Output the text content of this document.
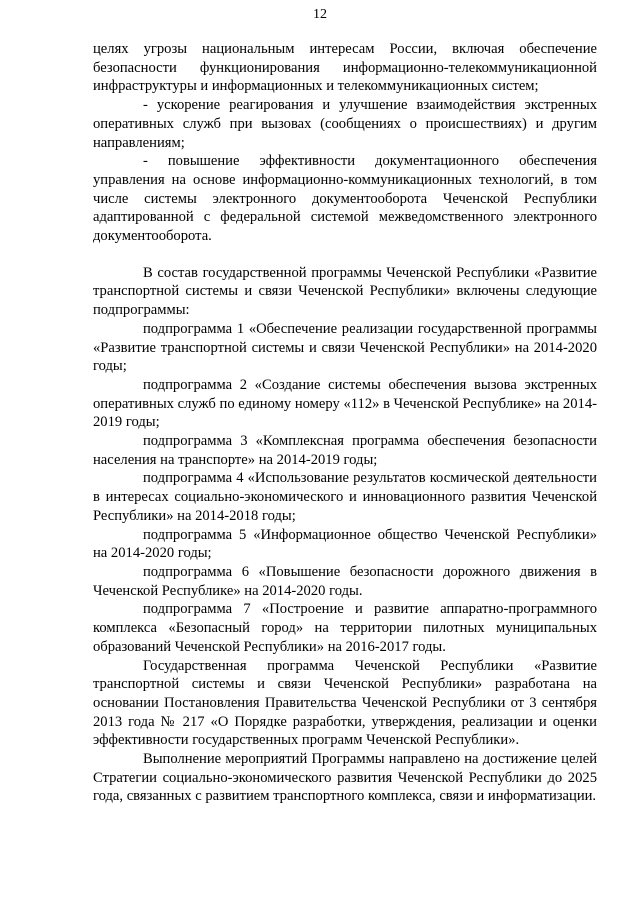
12

целях угрозы национальным интересам России, включая обеспечение безопасности функционирования информационно-телекоммуникационной инфраструктуры и информационных и телекоммуникационных систем;

- ускорение реагирования и улучшение взаимодействия экстренных оперативных служб при вызовах (сообщениях о происшествиях) и другим направлениям;

- повышение эффективности документационного обеспечения управления на основе информационно-коммуникационных технологий, в том числе системы электронного документооборота Чеченской Республики адаптированной с федеральной системой межведомственного электронного документооборота.

В состав государственной программы Чеченской Республики «Развитие транспортной системы и связи Чеченской Республики» включены следующие подпрограммы:

подпрограмма 1 «Обеспечение реализации государственной программы «Развитие транспортной системы и связи Чеченской Республики» на 2014-2020 годы;

подпрограмма 2 «Создание системы обеспечения вызова экстренных оперативных служб по единому номеру «112» в Чеченской Республике» на 2014-2019 годы;

подпрограмма 3 «Комплексная программа обеспечения безопасности населения на транспорте» на 2014-2019 годы;

подпрограмма 4 «Использование результатов космической деятельности в интересах социально-экономического и инновационного развития Чеченской Республики» на 2014-2018 годы;

подпрограмма 5 «Информационное общество Чеченской Республики» на 2014-2020 годы;

подпрограмма 6 «Повышение безопасности дорожного движения в Чеченской Республике» на 2014-2020 годы.

подпрограмма 7 «Построение и развитие аппаратно-программного комплекса «Безопасный город» на территории пилотных муниципальных образований Чеченской Республики» на 2016-2017 годы.

Государственная программа Чеченской Республики «Развитие транспортной системы и связи Чеченской Республики» разработана на основании Постановления Правительства Чеченской Республики от 3 сентября 2013 года № 217 «О Порядке разработки, утверждения, реализации и оценки эффективности государственных программ Чеченской Республики».

Выполнение мероприятий Программы направлено на достижение целей Стратегии социально-экономического развития Чеченской Республики до 2025 года, связанных с развитием транспортного комплекса, связи и информатизации.
